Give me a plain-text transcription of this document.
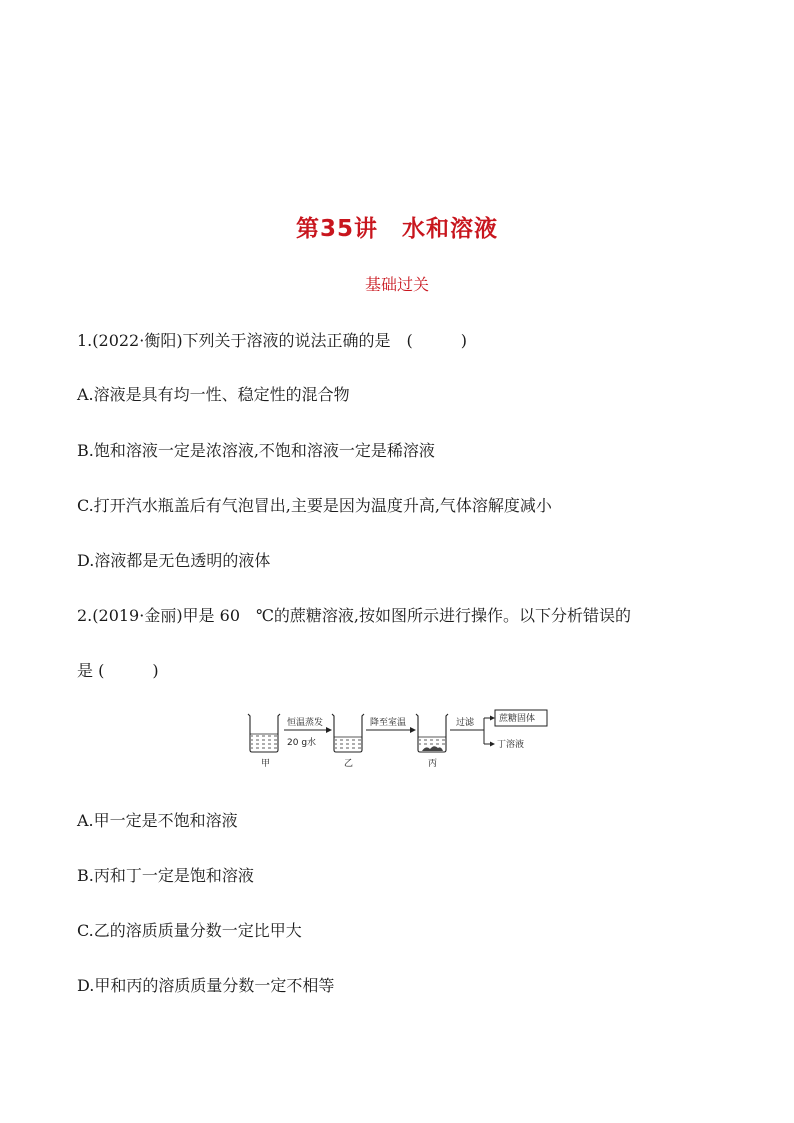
第35讲　水和溶液
基础过关
1.(2022·衡阳)下列关于溶液的说法正确的是　(　　　)
A.溶液是具有均一性、稳定性的混合物
B.饱和溶液一定是浓溶液,不饱和溶液一定是稀溶液
C.打开汽水瓶盖后有气泡冒出,主要是因为温度升高,气体溶解度减小
D.溶液都是无色透明的液体
2.(2019·金丽)甲是 60　℃的蔗糖溶液,按如图所示进行操作。以下分析错误的
是 (　　　)
甲
恒温蒸发
20 g水
乙
降至室温
丙
过滤	蔗糖固体
丁溶液
A.甲一定是不饱和溶液
B.丙和丁一定是饱和溶液
C.乙的溶质质量分数一定比甲大
D.甲和丙的溶质质量分数一定不相等
